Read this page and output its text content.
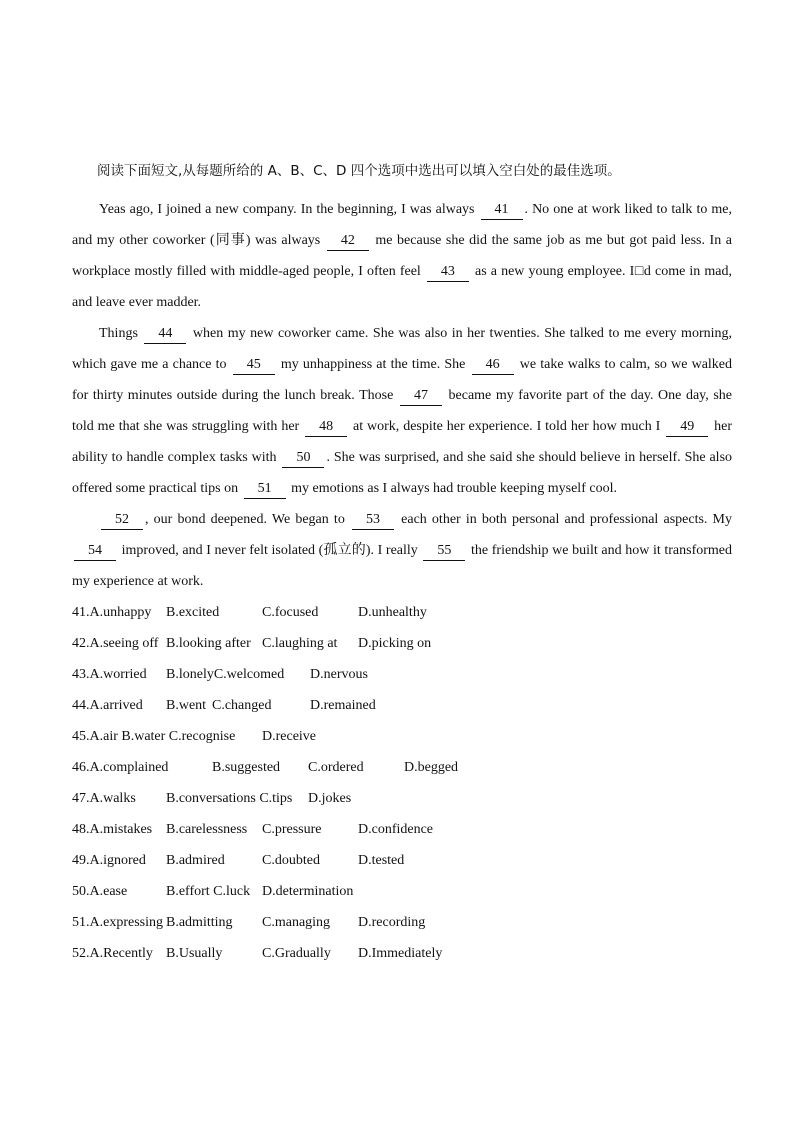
阅读下面短文,从每题所给的 A、B、C、D 四个选项中选出可以填入空白处的最佳选项。

Yeas ago, I joined a new company. In the beginning, I was always 41 . No one at work liked to talk to me, and my other coworker (同事) was always 42 me because she did the same job as me but got paid less. In a workplace mostly filled with middle-aged people, I often feel 43 as a new young employee. I□d come in mad, and leave ever madder.

Things 44 when my new coworker came. She was also in her twenties. She talked to me every morning, which gave me a chance to 45 my unhappiness at the time. She 46 we take walks to calm, so we walked for thirty minutes outside during the lunch break. Those 47 became my favorite part of the day. One day, she told me that she was struggling with her 48 at work, despite her experience. I told her how much I 49 her ability to handle complex tasks with 50 . She was surprised, and she said she should believe in herself. She also offered some practical tips on 51 my emotions as I always had trouble keeping myself cool.

52 , our bond deepened. We began to 53 each other in both personal and professional aspects. My 54 improved, and I never felt isolated (孤立的). I really 55 the friendship we built and how it transformed my experience at work.

41.A.unhappy B.excited	C.focused	D.unhealthy
42.A.seeing off B.looking after C.laughing at D.picking on
43.A.worried B.lonelyC.welcomed D.nervous
44.A.arrived B.went C.changed	D.remained
45.A.air B.water C.recognise D.receive
46.A.complained	B.suggested C.ordered	D.begged
47.A.walks B.conversations C.tips D.jokes
48.A.mistakes B.carelessness C.pressure	D.confidence
49.A.ignored B.admired	C.doubted	D.tested
50.A.ease	B.effort C.luck D.determination
51.A.expressing B.admitting C.managing D.recording
52.A.Recently B.Usually	C.Gradually D.Immediately
